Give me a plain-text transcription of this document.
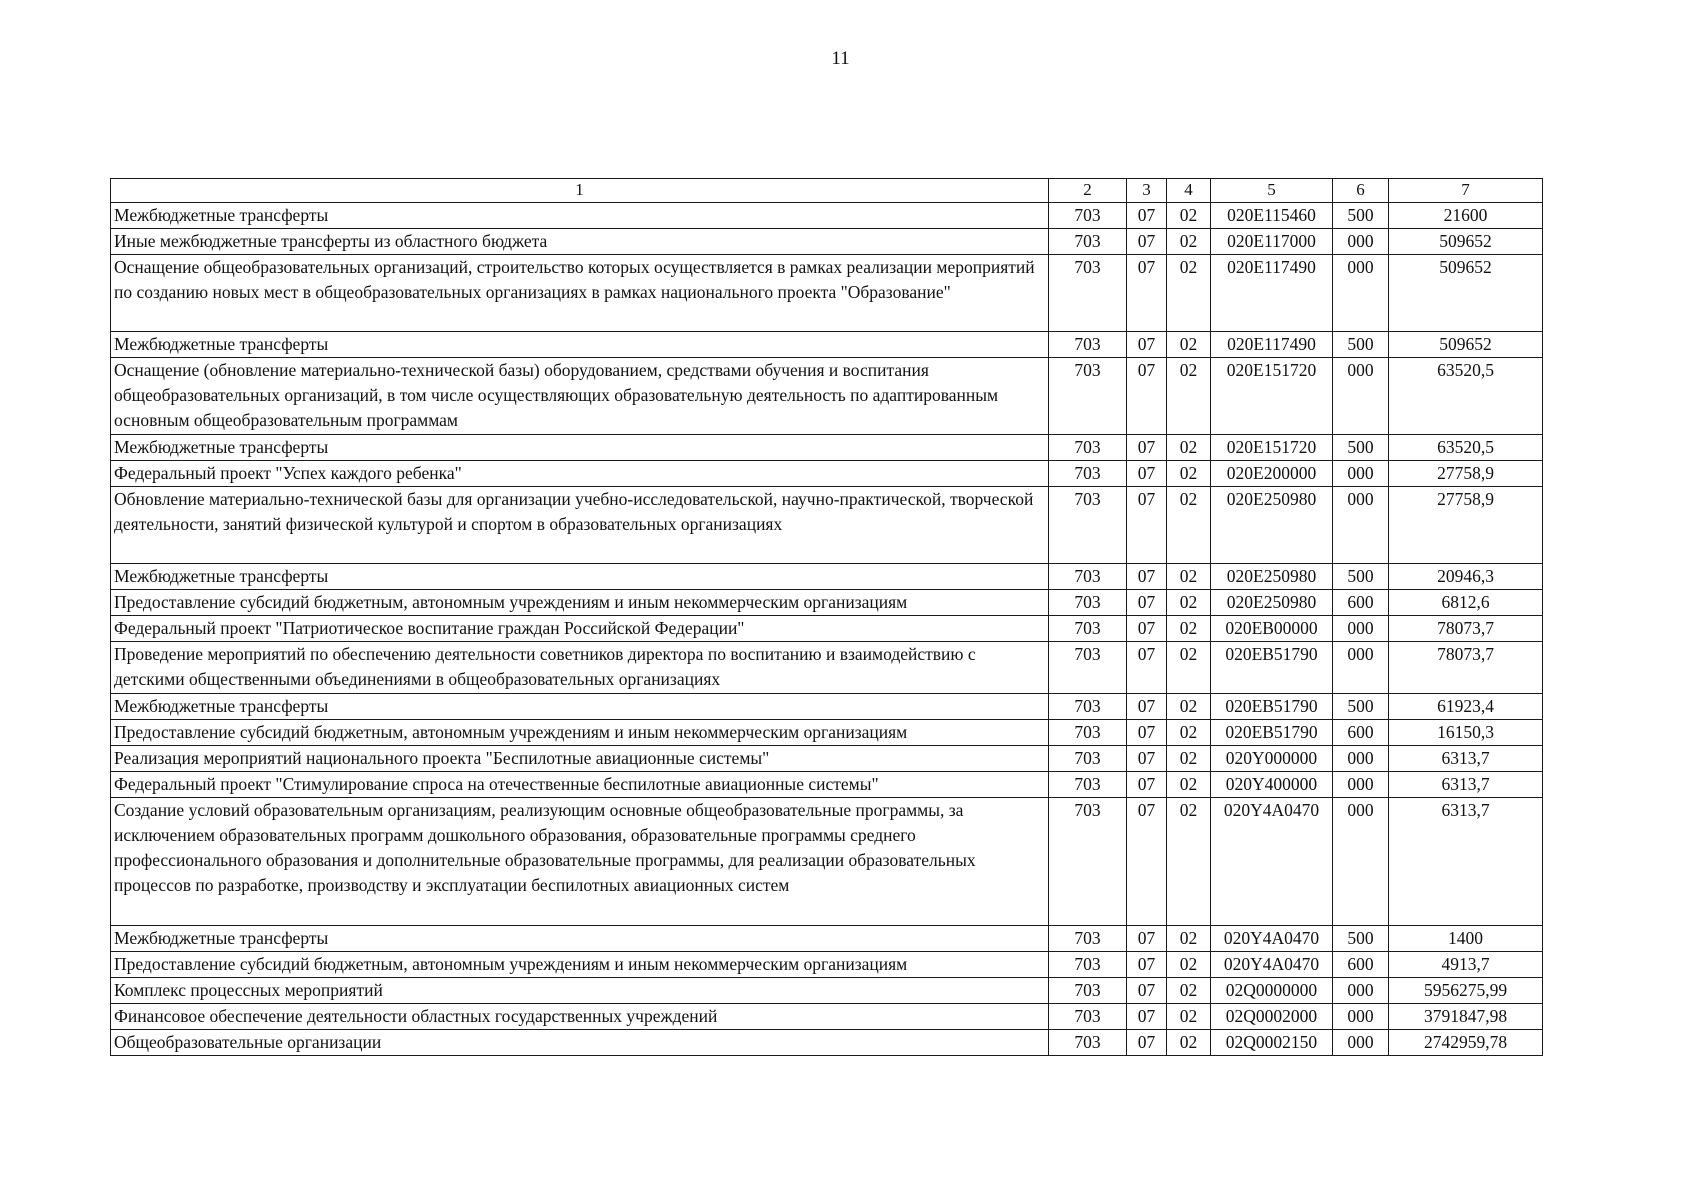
11
1	2	3	4	5	6	7
Межбюджетные трансферты	703	07	02	020E115460	500	21600
Иные межбюджетные трансферты из областного бюджета	703	07	02	020E117000	000	509652
Оснащение общеобразовательных организаций, строительство которых осуществляется в рамках реализации мероприятий по созданию новых мест в общеобразовательных организациях в рамках национального проекта "Образование"	703	07	02	020E117490	000	509652
Межбюджетные трансферты	703	07	02	020E117490	500	509652
Оснащение (обновление материально-технической базы) оборудованием, средствами обучения и воспитания общеобразовательных организаций, в том числе осуществляющих образовательную деятельность по адаптированным основным общеобразовательным программам	703	07	02	020E151720	000	63520,5
Межбюджетные трансферты	703	07	02	020E151720	500	63520,5
Федеральный проект "Успех каждого ребенка"	703	07	02	020E200000	000	27758,9
Обновление материально-технической базы для организации учебно-исследовательской, научно-практической, творческой деятельности, занятий физической культурой и спортом в образовательных организациях	703	07	02	020E250980	000	27758,9
Межбюджетные трансферты	703	07	02	020E250980	500	20946,3
Предоставление субсидий бюджетным, автономным учреждениям и иным некоммерческим организациям	703	07	02	020E250980	600	6812,6
Федеральный проект "Патриотическое воспитание граждан Российской Федерации"	703	07	02	020EB00000	000	78073,7
Проведение мероприятий по обеспечению деятельности советников директора по воспитанию и взаимодействию с детскими общественными объединениями в общеобразовательных организациях	703	07	02	020EB51790	000	78073,7
Межбюджетные трансферты	703	07	02	020EB51790	500	61923,4
Предоставление субсидий бюджетным, автономным учреждениям и иным некоммерческим организациям	703	07	02	020EB51790	600	16150,3
Реализация мероприятий национального проекта "Беспилотные авиационные системы"	703	07	02	020Y000000	000	6313,7
Федеральный проект "Стимулирование спроса на отечественные беспилотные авиационные системы"	703	07	02	020Y400000	000	6313,7
Создание условий образовательным организациям, реализующим основные общеобразовательные программы, за исключением образовательных программ дошкольного образования, образовательные программы среднего профессионального образования и дополнительные образовательные программы, для реализации образовательных процессов по разработке, производству и эксплуатации беспилотных авиационных систем	703	07	02	020Y4A0470	000	6313,7
Межбюджетные трансферты	703	07	02	020Y4A0470	500	1400
Предоставление субсидий бюджетным, автономным учреждениям и иным некоммерческим организациям	703	07	02	020Y4A0470	600	4913,7
Комплекс процессных мероприятий	703	07	02	02Q0000000	000	5956275,99
Финансовое обеспечение деятельности областных государственных учреждений	703	07	02	02Q0002000	000	3791847,98
Общеобразовательные организации	703	07	02	02Q0002150	000	2742959,78
